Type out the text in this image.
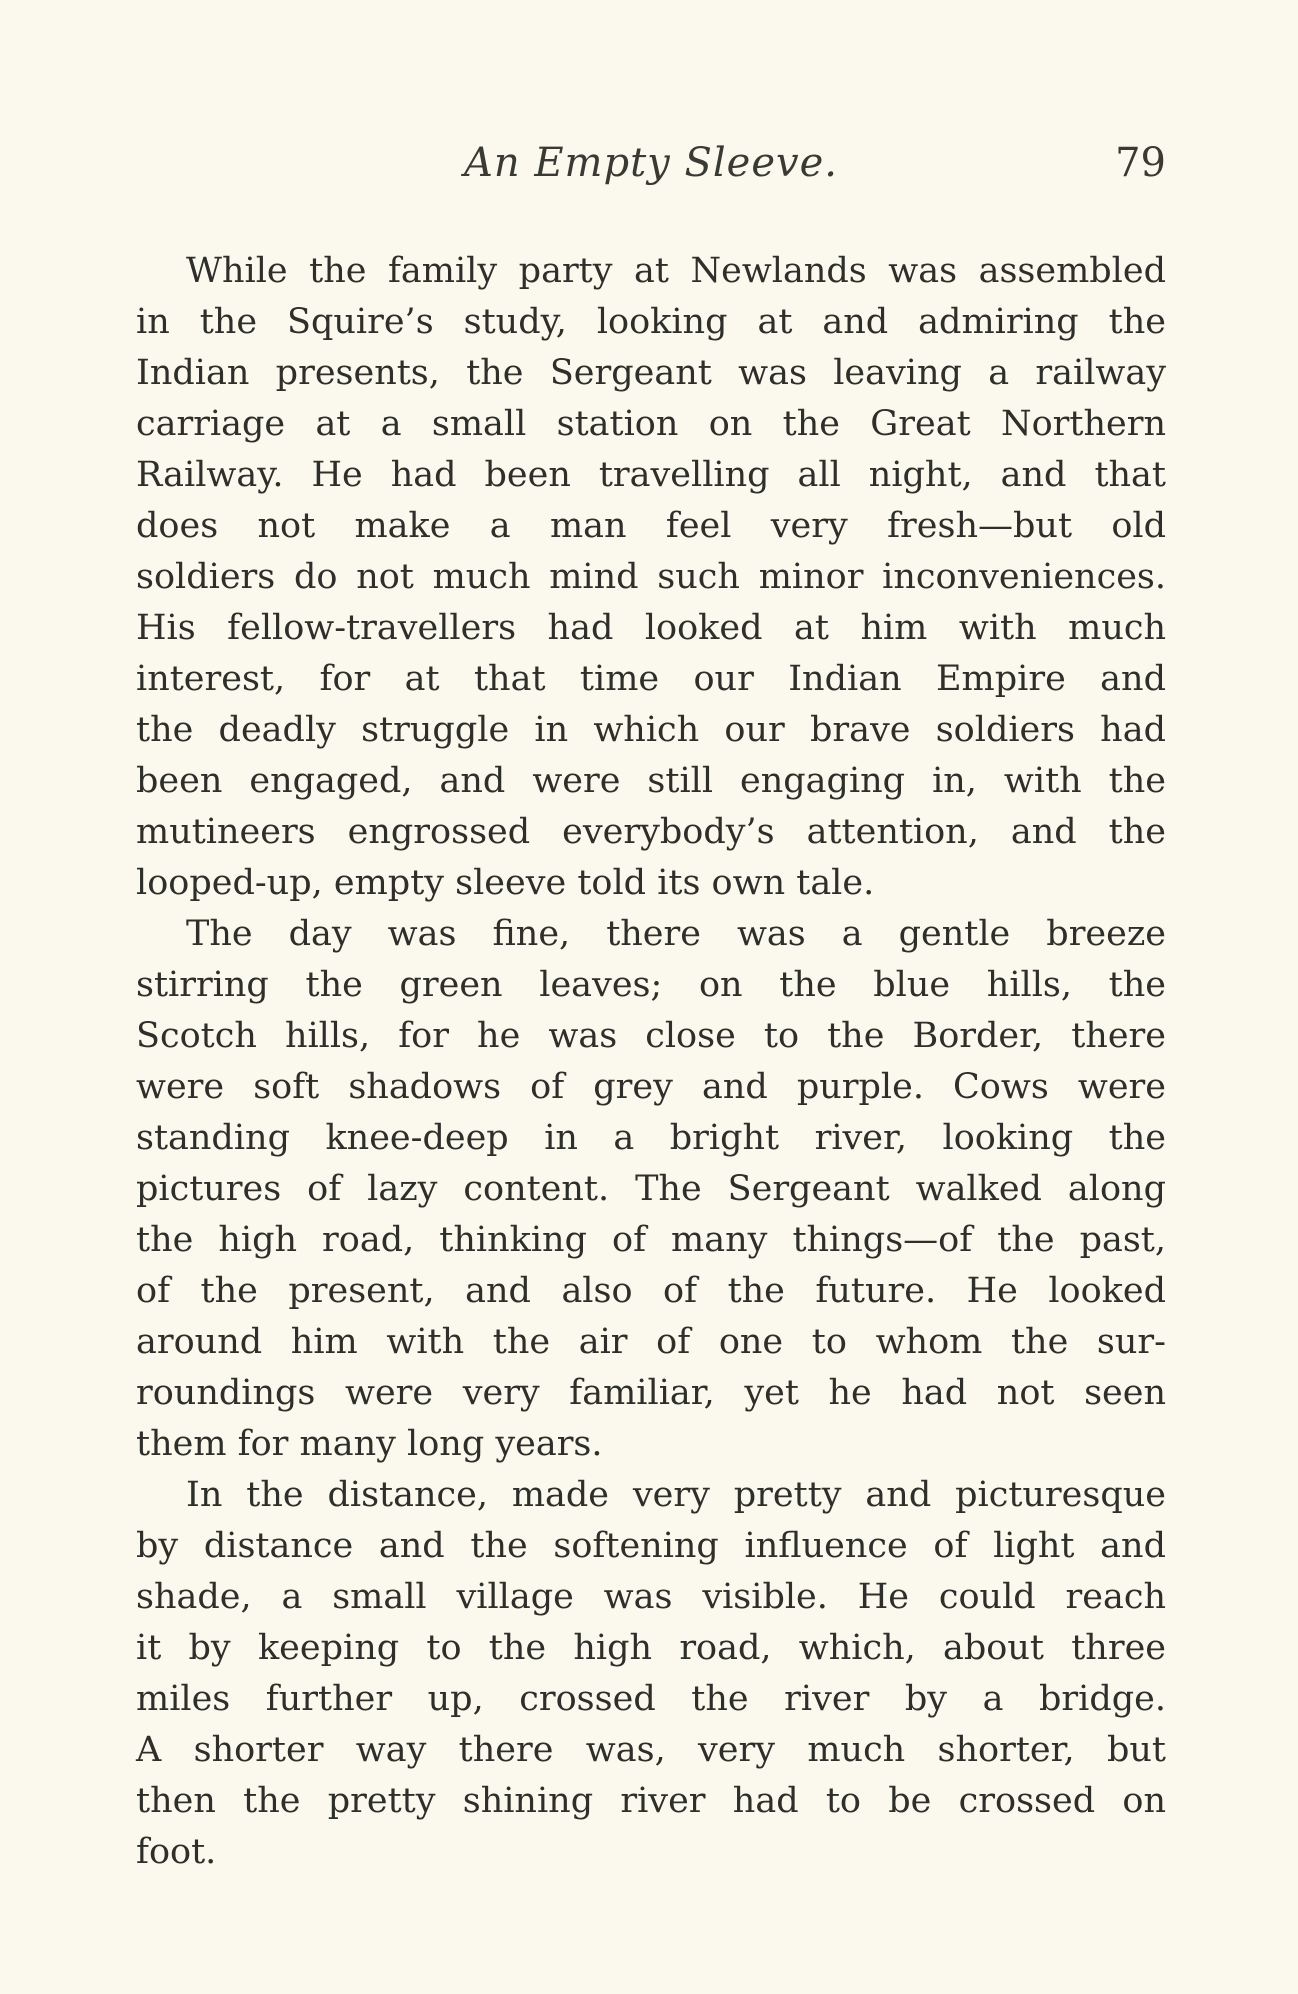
An Empty Sleeve.	79
While the family party at Newlands was assembled
in the Squire’s study, looking at and admiring the
Indian presents, the Sergeant was leaving a railway
carriage at a small station on the Great Northern
Railway. He had been travelling all night, and that
does not make a man feel very fresh—but old
soldiers do not much mind such minor inconveniences.
His fellow-travellers had looked at him with much
interest, for at that time our Indian Empire and
the deadly struggle in which our brave soldiers had
been engaged, and were still engaging in, with the
mutineers engrossed everybody’s attention, and the
looped-up, empty sleeve told its own tale.
The day was fine, there was a gentle breeze
stirring the green leaves; on the blue hills, the
Scotch hills, for he was close to the Border, there
were soft shadows of grey and purple. Cows were
standing knee-deep in a bright river, looking the
pictures of lazy content. The Sergeant walked along
the high road, thinking of many things—of the past,
of the present, and also of the future. He looked
around him with the air of one to whom the sur-
roundings were very familiar, yet he had not seen
them for many long years.
In the distance, made very pretty and picturesque
by distance and the softening influence of light and
shade, a small village was visible. He could reach
it by keeping to the high road, which, about three
miles further up, crossed the river by a bridge.
A shorter way there was, very much shorter, but
then the pretty shining river had to be crossed on
foot.
